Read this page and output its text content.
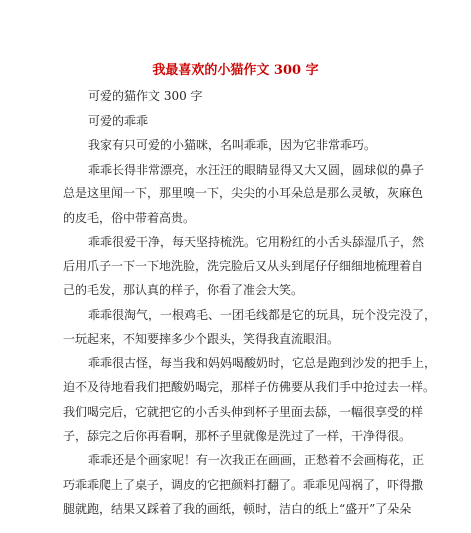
我最喜欢的小猫作文 300 字
可爱的猫作文 300 字
可爱的乖乖
我家有只可爱的小猫咪，名叫乖乖，因为它非常乖巧。
乖乖长得非常漂亮，水汪汪的眼睛显得又大又圆，圆球似的鼻子
总是这里闻一下，那里嗅一下，尖尖的小耳朵总是那么灵敏，灰麻色
的皮毛，俗中带着高贵。
乖乖很爱干净，每天坚持梳洗。它用粉红的小舌头舔湿爪子，然
后用爪子一下一下地洗脸，洗完脸后又从头到尾仔仔细细地梳理着自
己的毛发，那认真的样子，你看了准会大笑。
乖乖很淘气，一根鸡毛、一团毛线都是它的玩具，玩个没完没了，
一玩起来，不知要摔多少个跟头，笑得我直流眼泪。
乖乖很古怪，每当我和妈妈喝酸奶时，它总是跑到沙发的把手上，
迫不及待地看我们把酸奶喝完，那样子仿佛要从我们手中抢过去一样。
我们喝完后，它就把它的小舌头伸到杯子里面去舔，一幅很享受的样
子，舔完之后你再看啊，那杯子里就像是洗过了一样，干净得很。
乖乖还是个画家呢！有一次我正在画画，正愁着不会画梅花，正
巧乖乖爬上了桌子，调皮的它把颜料打翻了。乖乖见闯祸了，吓得撒
腿就跑，结果又踩着了我的画纸，顿时，洁白的纸上“盛开”了朵朵
